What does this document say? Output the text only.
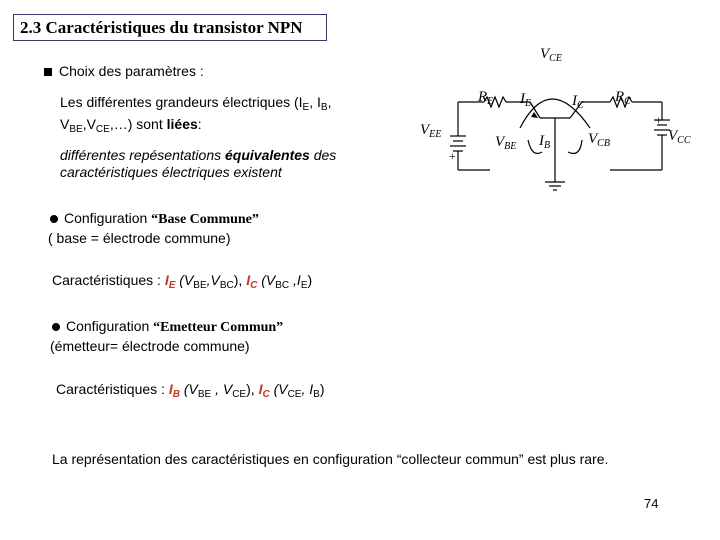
2.3 Caractéristiques du transistor NPN
Choix des paramètres :
Les différentes grandeurs électriques ($I_E$, $I_B$,
$V_{BE},V_{CE},\dots$) sont liées:
différentes repésentations équivalentes des
caractéristiques électriques existent
$V_{CE}$
$R_E$ $I_E$	$I_C$
$R_C$
$V_{EE}$	$V_{BE}$ $I_B$	$V_{CB}$	$V_{CC}$
+
+
Configuration “Base Commune”
( base = électrode commune)
Caractéristiques : $I_E$ $(V_{BE},V_{BC})$, $I_C$ ($V_{BC}$ $,I_E$)
Configuration “Emetteur Commun”
(émetteur= électrode commune)
Caractéristiques : $I_B$ ($V_{BE}$ , $V_{CE}$), $I_C$ ($V_{CE}$, $I_B$)
La représentation des caractéristiques en configuration “collecteur commun” est plus rare.
74
